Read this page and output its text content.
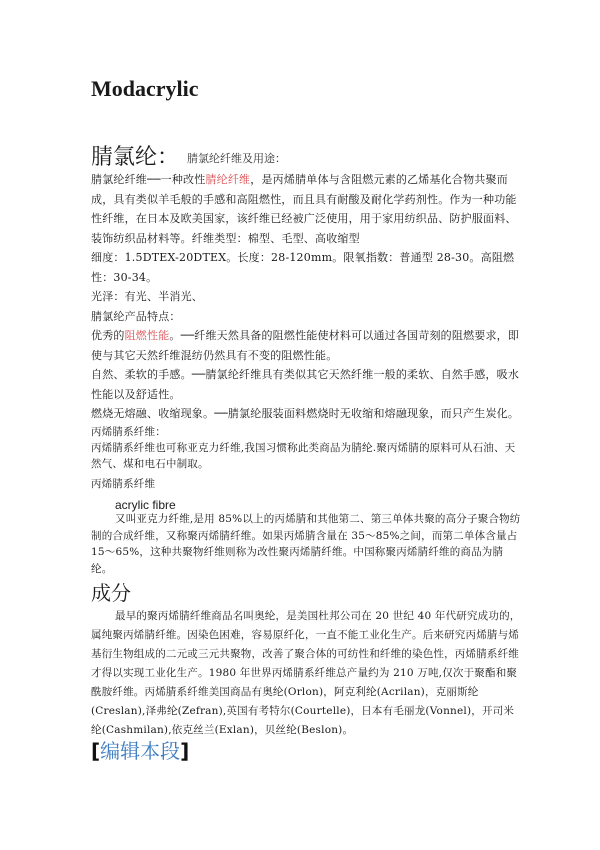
Modacrylic
腈氯纶： 腈氯纶纤维及用途：

腈氯纶纤维──一种改性腈纶纤维，是丙烯腈单体与含阻燃元素的乙烯基化合物共聚而成，具有类似羊毛般的手感和高阻燃性，而且具有耐酸及耐化学药剂性。作为一种功能性纤维，在日本及欧美国家，该纤维已经被广泛使用，用于家用纺织品、防护服面料、装饰纺织品材料等。纤维类型：棉型、毛型、高收缩型

细度：1.5DTEX-20DTEX。长度：28-120mm。限氧指数：普通型 28-30。高阻燃性：30-34。

光泽：有光、半消光、

腈氯纶产品特点：

优秀的阻燃性能。──纤维天然具备的阻燃性能使材料可以通过各国苛刻的阻燃要求，即使与其它天然纤维混纺仍然具有不变的阻燃性能。

自然、柔软的手感。──腈氯纶纤维具有类似其它天然纤维一般的柔软、自然手感，吸水性能以及舒适性。

燃烧无熔融、收缩现象。──腈氯纶服装面料燃烧时无收缩和熔融现象，而只产生炭化。

丙烯腈系纤维：

丙烯腈系纤维也可称亚克力纤维,我国习惯称此类商品为腈纶.聚丙烯腈的原料可从石油、天然气、煤和电石中制取。

丙烯腈系纤维

acrylic fibre
又叫亚克力纤维,是用 85%以上的丙烯腈和其他第二、第三单体共聚的高分子聚合物纺制的合成纤维，又称聚丙烯腈纤维。如果丙烯腈含量在 35～85%之间，而第二单体含量占 15～65%，这种共聚物纤维则称为改性聚丙烯腈纤维。中国称聚丙烯腈纤维的商品为腈纶。
成分
最早的聚丙烯腈纤维商品名叫奥纶，是美国杜邦公司在 20 世纪 40 年代研究成功的，属纯聚丙烯腈纤维。因染色困难，容易原纤化，一直不能工业化生产。后来研究丙烯腈与烯基衍生物组成的二元或三元共聚物，改善了聚合体的可纺性和纤维的染色性，丙烯腈系纤维才得以实现工业化生产。1980 年世界丙烯腈系纤维总产量约为 210 万吨,仅次于聚酯和聚酰胺纤维。丙烯腈系纤维美国商品有奥纶(Orlon)，阿克利纶(Acrilan)，克丽斯纶(Creslan),泽弗纶(Zefran),英国有考特尔(Courtelle)，日本有毛丽龙(Vonnel)，开司米纶(Cashmilan),依克丝兰(Exlan)，贝丝纶(Beslon)。
[编辑本段]
